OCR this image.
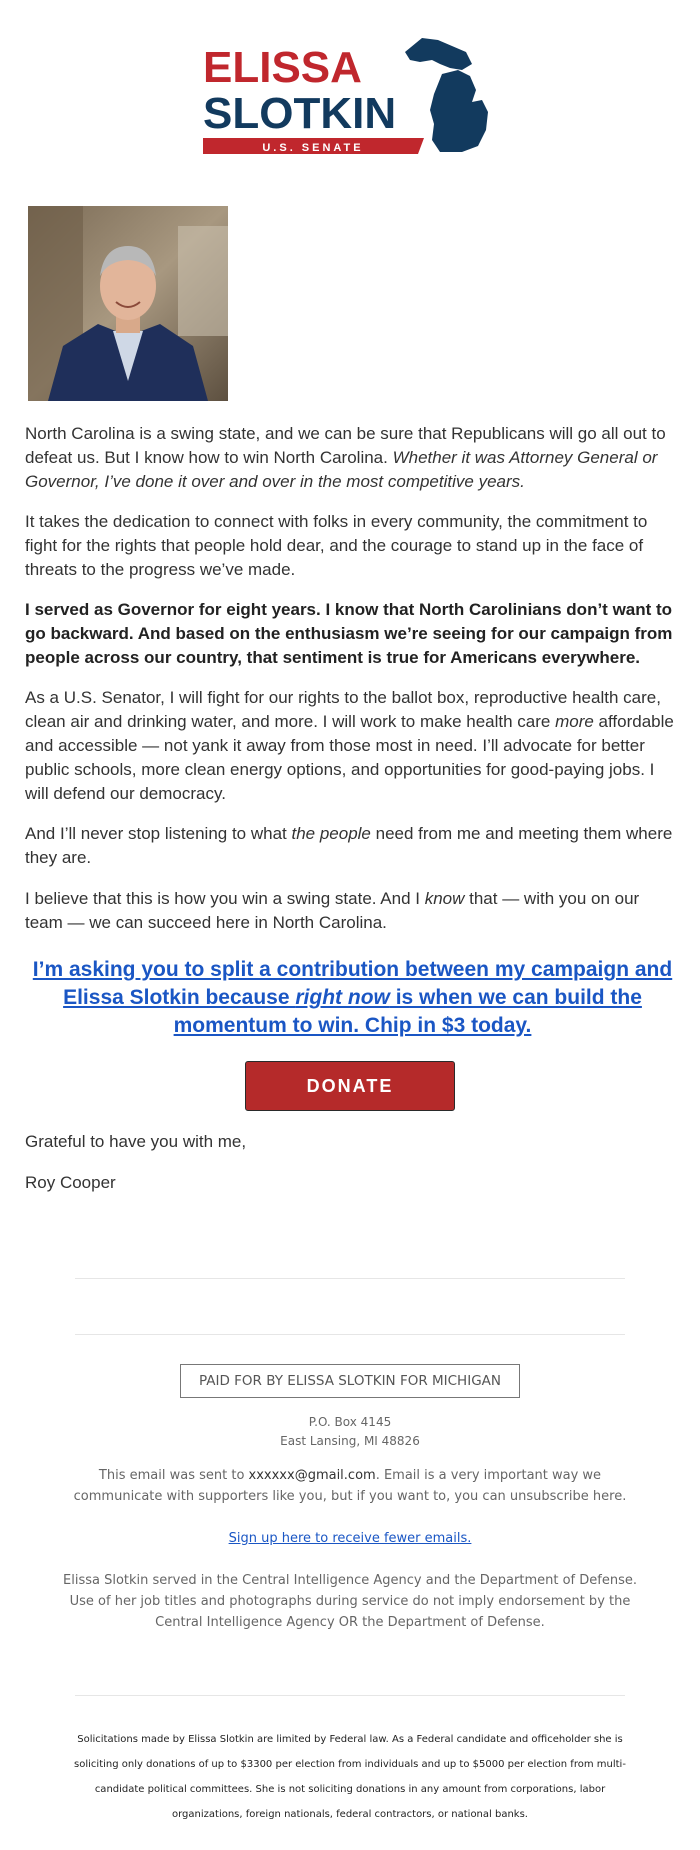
ELISSA
SLOTKIN
U.S. SENATE

North Carolina is a swing state, and we can be sure that Republicans will go all out to defeat us. But I know how to win North Carolina. Whether it was Attorney General or Governor, I’ve done it over and over in the most competitive years.

It takes the dedication to connect with folks in every community, the commitment to fight for the rights that people hold dear, and the courage to stand up in the face of threats to the progress we’ve made.

I served as Governor for eight years. I know that North Carolinians don’t want to go backward. And based on the enthusiasm we’re seeing for our campaign from people across our country, that sentiment is true for Americans everywhere.

As a U.S. Senator, I will fight for our rights to the ballot box, reproductive health care, clean air and drinking water, and more. I will work to make health care more affordable and accessible — not yank it away from those most in need. I’ll advocate for better public schools, more clean energy options, and opportunities for good-paying jobs. I will defend our democracy.

And I’ll never stop listening to what the people need from me and meeting them where they are.

I believe that this is how you win a swing state. And I know that — with you on our team — we can succeed here in North Carolina.

I’m asking you to split a contribution between my campaign and Elissa Slotkin because right now is when we can build the momentum to win. Chip in $3 today.
DONATE
Grateful to have you with me,
Roy Cooper
PAID FOR BY ELISSA SLOTKIN FOR MICHIGAN
P.O. Box 4145
East Lansing, MI 48826
This email was sent to xxxxxx@gmail.com. Email is a very important way we communicate with supporters like you, but if you want to, you can unsubscribe here.
Sign up here to receive fewer emails.
Elissa Slotkin served in the Central Intelligence Agency and the Department of Defense. Use of her job titles and photographs during service do not imply endorsement by the Central Intelligence Agency OR the Department of Defense.
Solicitations made by Elissa Slotkin are limited by Federal law. As a Federal candidate and officeholder she is soliciting only donations of up to $3300 per election from individuals and up to $5000 per election from multi-candidate political committees. She is not soliciting donations in any amount from corporations, labor organizations, foreign nationals, federal contractors, or national banks.
